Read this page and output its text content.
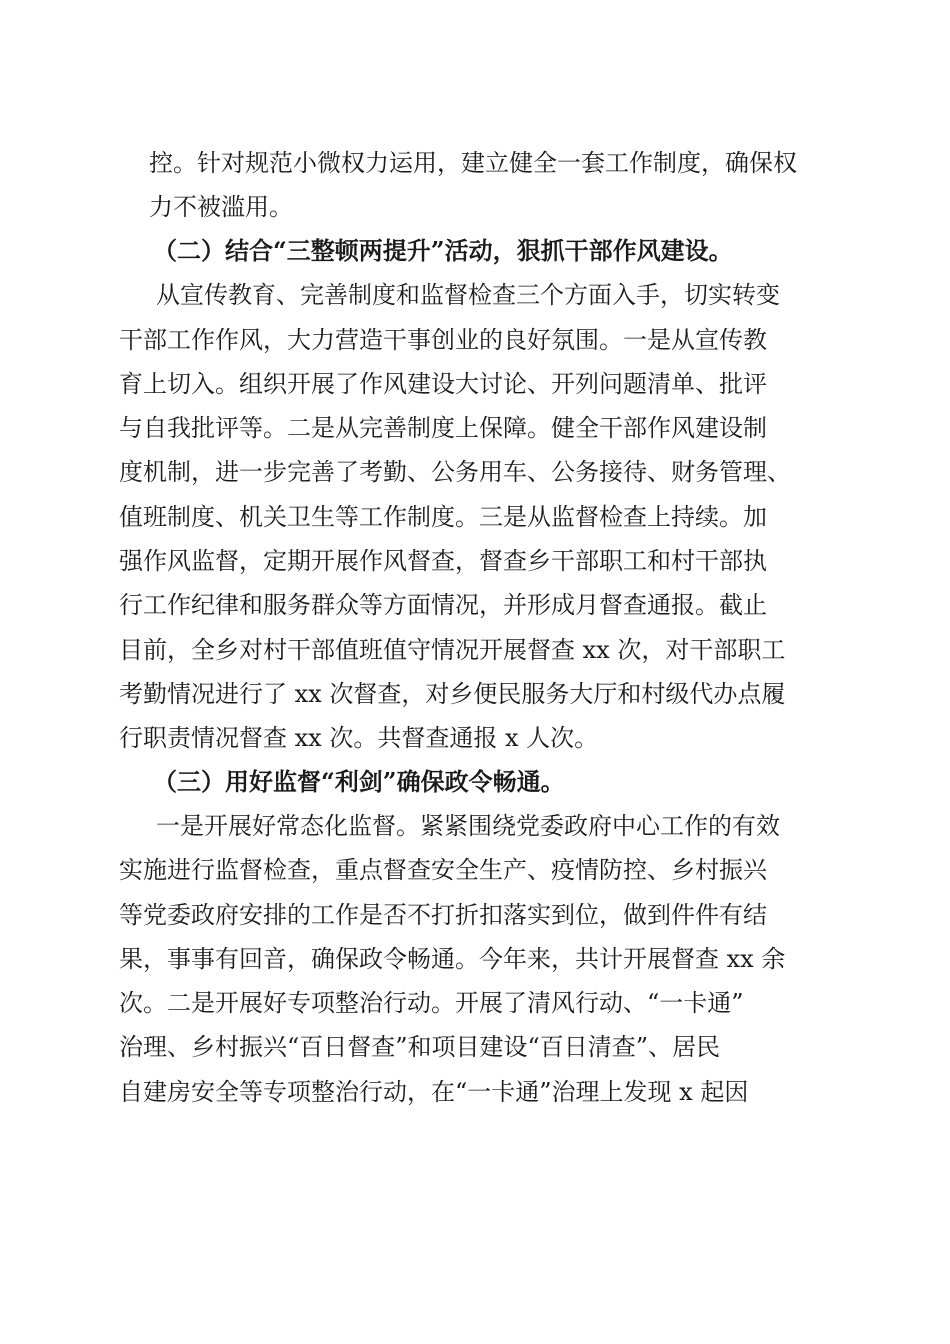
控。针对规范小微权力运用，建立健全一套工作制度，确保权
力不被滥用。
（二）结合“三整顿两提升”活动，狠抓干部作风建设。
从宣传教育、完善制度和监督检查三个方面入手，切实转变
干部工作作风，大力营造干事创业的良好氛围。一是从宣传教
育上切入。组织开展了作风建设大讨论、开列问题清单、批评
与自我批评等。二是从完善制度上保障。健全干部作风建设制
度机制，进一步完善了考勤、公务用车、公务接待、财务管理、
值班制度、机关卫生等工作制度。三是从监督检查上持续。加
强作风监督，定期开展作风督查，督查乡干部职工和村干部执
行工作纪律和服务群众等方面情况，并形成月督查通报。截止
目前，全乡对村干部值班值守情况开展督查 xx 次，对干部职工
考勤情况进行了 xx 次督查，对乡便民服务大厅和村级代办点履
行职责情况督查 xx 次。共督查通报 x 人次。
（三）用好监督“利剑”确保政令畅通。
一是开展好常态化监督。紧紧围绕党委政府中心工作的有效
实施进行监督检查，重点督查安全生产、疫情防控、乡村振兴
等党委政府安排的工作是否不打折扣落实到位，做到件件有结
果，事事有回音，确保政令畅通。今年来，共计开展督查 xx 余
次。二是开展好专项整治行动。开展了清风行动、“一卡通”
治理、乡村振兴“百日督查”和项目建设“百日清查”、居民
自建房安全等专项整治行动，在“一卡通”治理上发现 x 起因
